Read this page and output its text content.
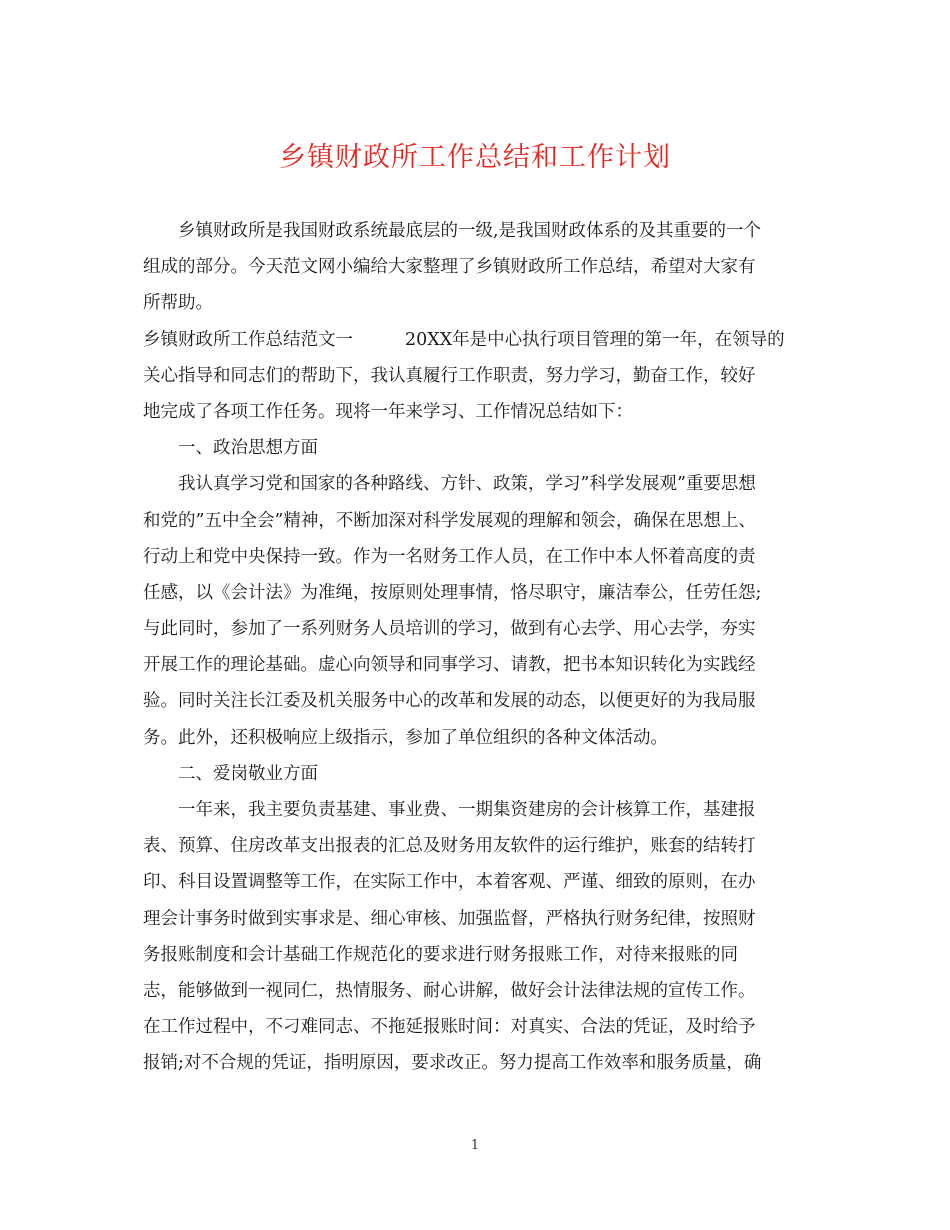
乡镇财政所工作总结和工作计划
乡镇财政所是我国财政系统最底层的一级,是我国财政体系的及其重要的一个
组成的部分。今天范文网小编给大家整理了乡镇财政所工作总结，希望对大家有
所帮助。
乡镇财政所工作总结范文一	20XX年是中心执行项目管理的第一年，在领导的
关心指导和同志们的帮助下，我认真履行工作职责，努力学习，勤奋工作，较好
地完成了各项工作任务。现将一年来学习、工作情况总结如下：
一、政治思想方面
我认真学习党和国家的各种路线、方针、政策，学习”科学发展观”重要思想
和党的”五中全会”精神，不断加深对科学发展观的理解和领会，确保在思想上、
行动上和党中央保持一致。作为一名财务工作人员，在工作中本人怀着高度的责
任感，以《会计法》为准绳，按原则处理事情，恪尽职守，廉洁奉公，任劳任怨;
与此同时，参加了一系列财务人员培训的学习，做到有心去学、用心去学，夯实
开展工作的理论基础。虚心向领导和同事学习、请教，把书本知识转化为实践经
验。同时关注长江委及机关服务中心的改革和发展的动态，以便更好的为我局服
务。此外，还积极响应上级指示，参加了单位组织的各种文体活动。
二、爱岗敬业方面
一年来，我主要负责基建、事业费、一期集资建房的会计核算工作，基建报
表、预算、住房改革支出报表的汇总及财务用友软件的运行维护，账套的结转打
印、科目设置调整等工作，在实际工作中，本着客观、严谨、细致的原则，在办
理会计事务时做到实事求是、细心审核、加强监督，严格执行财务纪律，按照财
务报账制度和会计基础工作规范化的要求进行财务报账工作，对待来报账的同
志，能够做到一视同仁，热情服务、耐心讲解，做好会计法律法规的宣传工作。
在工作过程中，不刁难同志、不拖延报账时间：对真实、合法的凭证，及时给予
报销;对不合规的凭证，指明原因，要求改正。努力提高工作效率和服务质量，确
1
